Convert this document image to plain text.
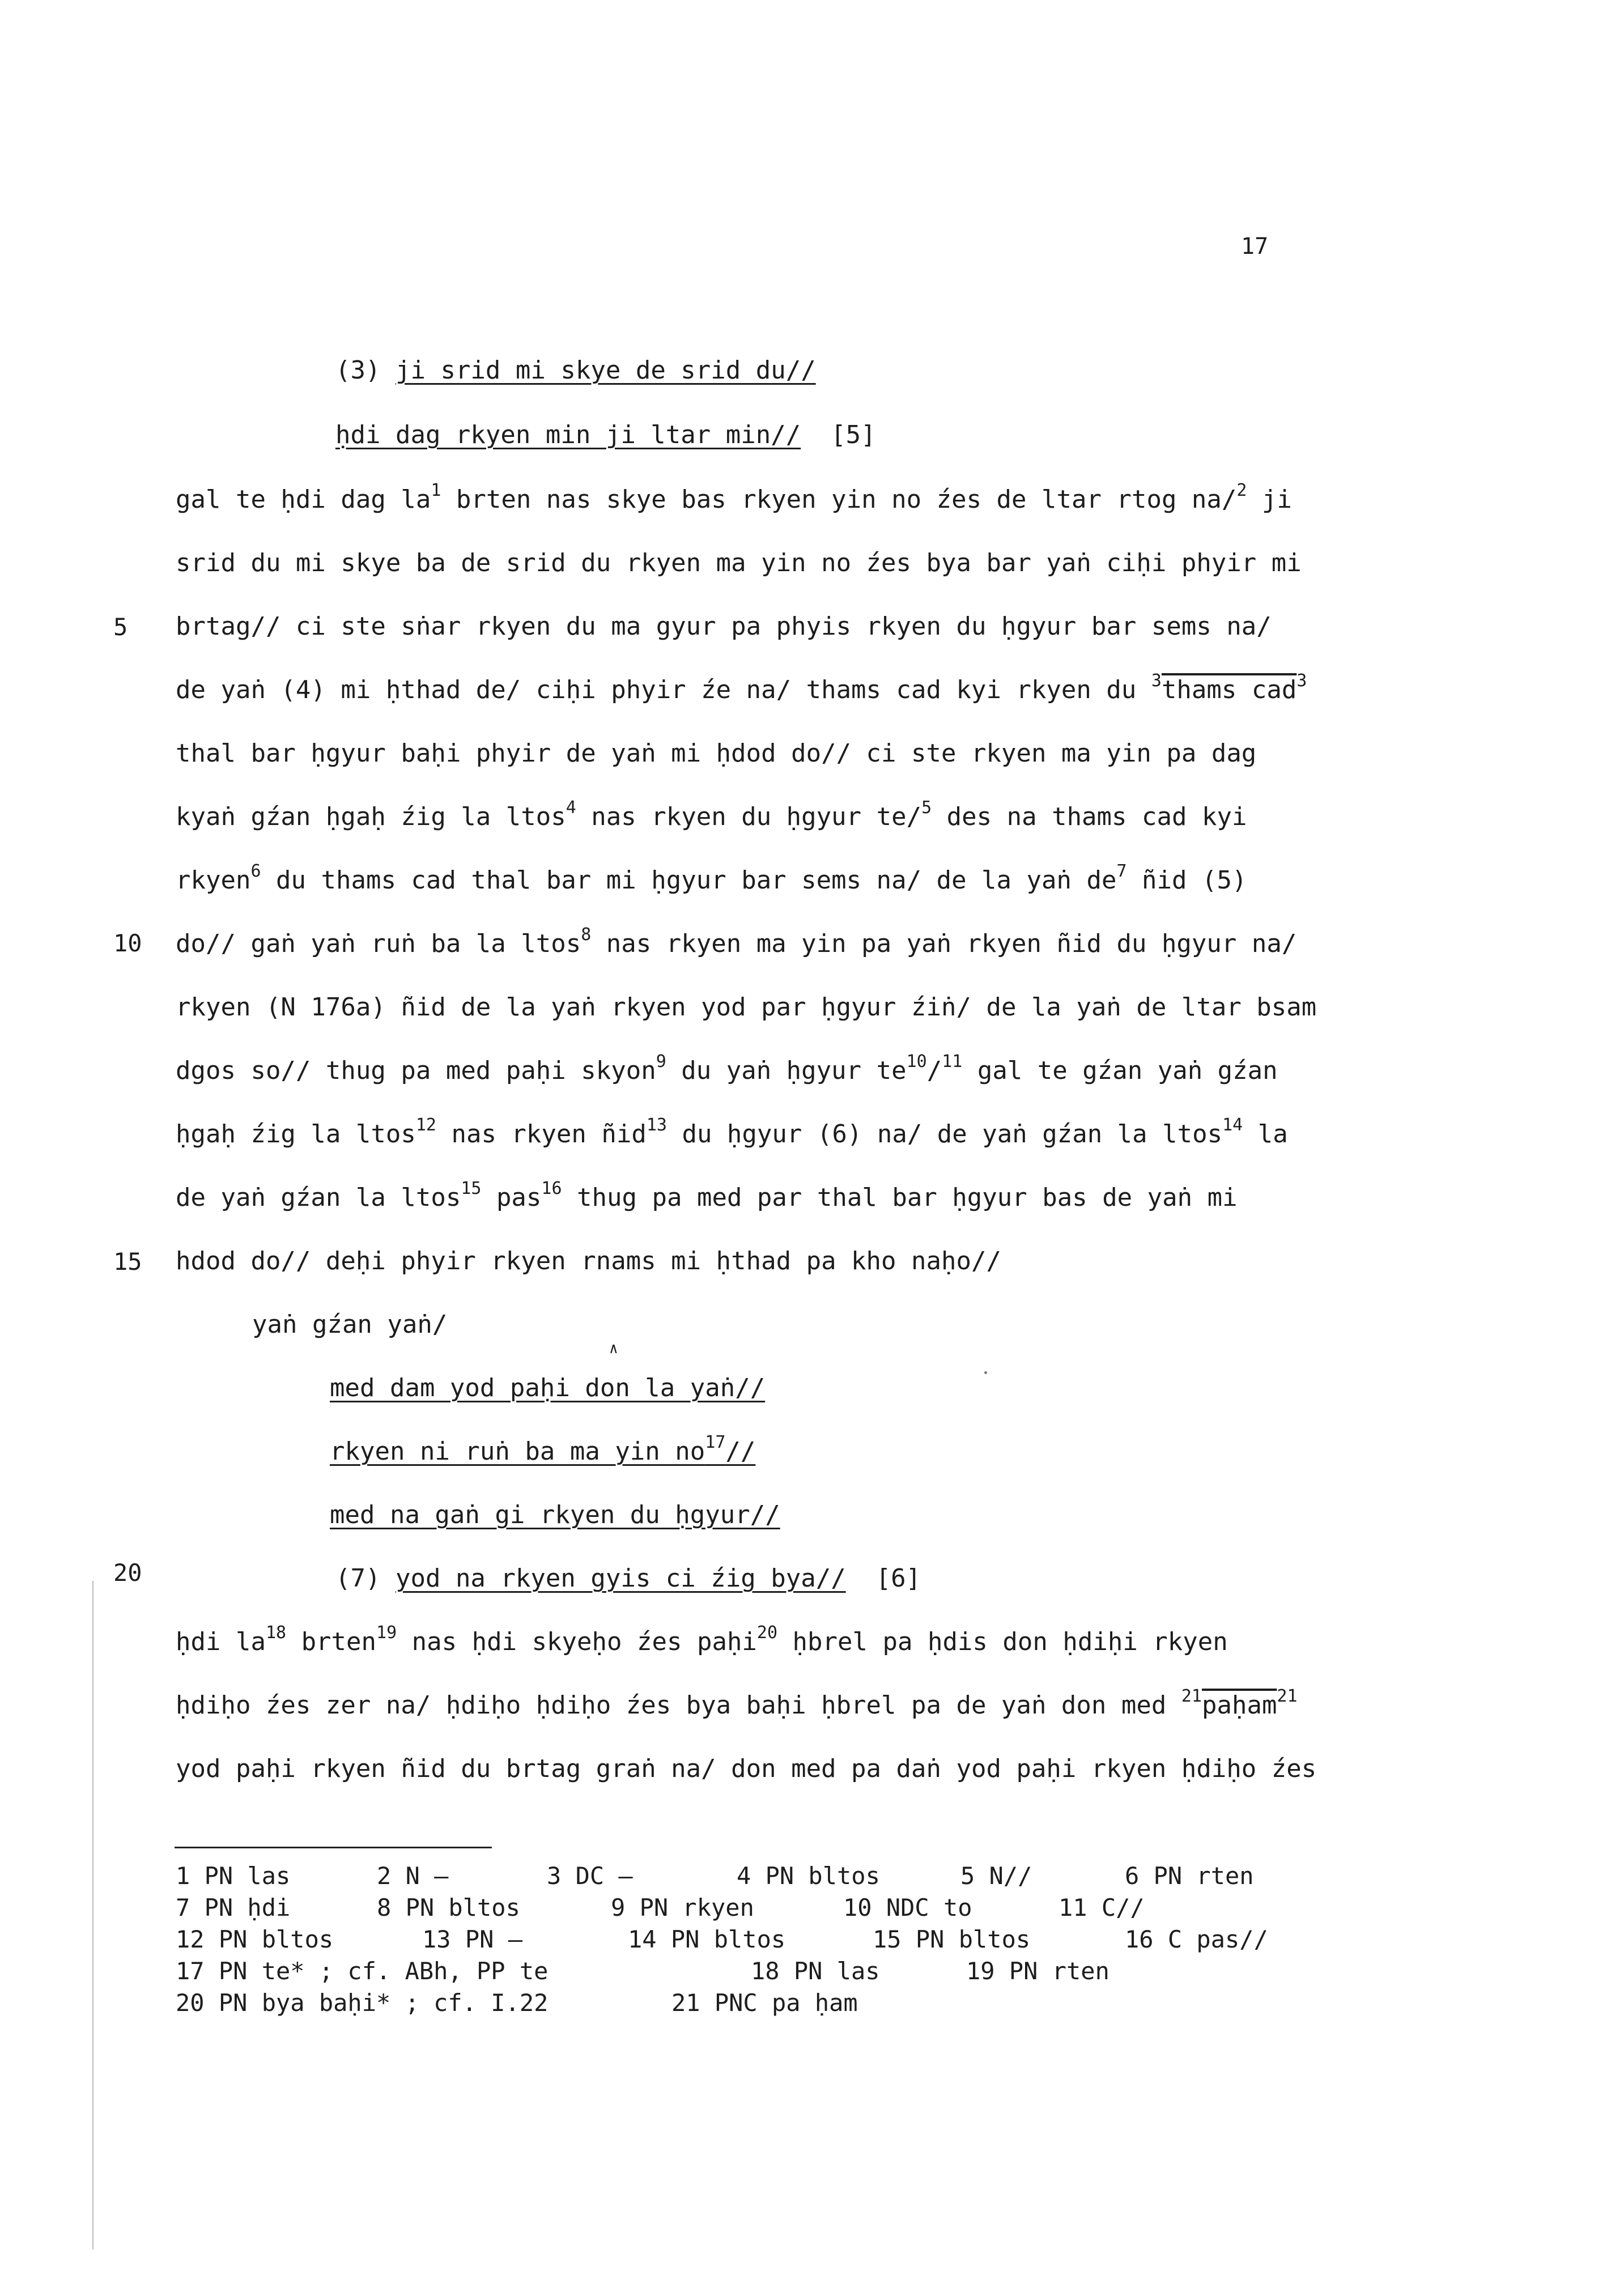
17
(3) ji srid mi skye de srid du//
ḥdi dag rkyen min ji ltar min// [5]
gal te ḥdi dag $la^1$ brten nas skye bas rkyen yin no źes de ltar rtog na/$^2$ ji
srid du mi skye ba de srid du rkyen ma yin no źes bya bar yaṅ ciḥi phyir mi
5 brtag// ci ste sṅar rkyen du ma gyur pa phyis rkyen du ḥgyur bar sems na/
de yaṅ (4) mi ḥthad de/ ciḥi phyir źe na/ thams cad kyi rkyen du $^3$thams cad$^3$
thal bar ḥgyur baḥi phyir de yaṅ mi ḥdod do// ci ste rkyen ma yin pa dag
kyaṅ gźan ḥgaḥ źig la ltos$^4$ nas rkyen du ḥgyur te/$^5$ des na thams cad kyi
rkyen$^6$ du thams cad thal bar mi ḥgyur bar sems na/ de la yaṅ $de^7$ ñid (5)
10 do// gaṅ yaṅ ruṅ ba la ltos$^8$ nas rkyen ma yin pa yaṅ rkyen ñid du ḥgyur na/
rkyen (N 176a) ñid de la yaṅ rkyen yod par ḥgyur źiṅ/ de la yaṅ de ltar bsam
dgos so// thug pa med paḥi skyon$^9$ du yaṅ ḥgyur $te^{10}/^{11}$ gal te gźan yaṅ gźan
ḥgaḥ źig la ltos$^{12}$ nas rkyen ñid$^{13}$ du ḥgyur (6) na/ de yaṅ gźan la ltos$^{14}$ la
de yaṅ gźan la ltos$^{15}$ pas$^{16}$ thug pa med par thal bar ḥgyur bas de yaṅ mi
15 hdod do// deḥi phyir rkyen rnams mi ḥthad pa kho naḥo//
yaṅ gźan yaṅ/
∧
med dam yod paḥi don la yaṅ//
rkyen ni ruṅ ba ma yin $no^{17}//$
med na gaṅ gi rkyen du ḥgyur//
20	(7) yod na rkyen gyis ci źig bya// [6]
ḥdi $la^{18}$ brten$^{19}$ nas ḥdi skyeḥo źes paḥi$^{20}$ ḥbrel pa ḥdis don ḥdiḥi rkyen
ḥdiḥo źes zer na/ ḥdiḥo ḥdiḥo źes bya baḥi ḥbrel pa de yaṅ don med $^{21}$paḥam$^{21}$
yod paḥi rkyen ñid du brtag graṅ na/ don med pa daṅ yod paḥi rkyen ḥdiḥo źes
1 PN las	2 N —	3 DC —	4 PN bltos	5 N//	6 PN rten
7 PN ḥdi	8 PN bltos	9 PN rkyen	10 NDC to	11 C//
12 PN bltos	13 PN —	14 PN bltos	15 PN bltos	16 C pas//
17 PN te* ; cf. ABh, PP te	18 PN las	19 PN rten
20 PN bya baḥi* ; cf. I.22	21 PNC pa ḥam
